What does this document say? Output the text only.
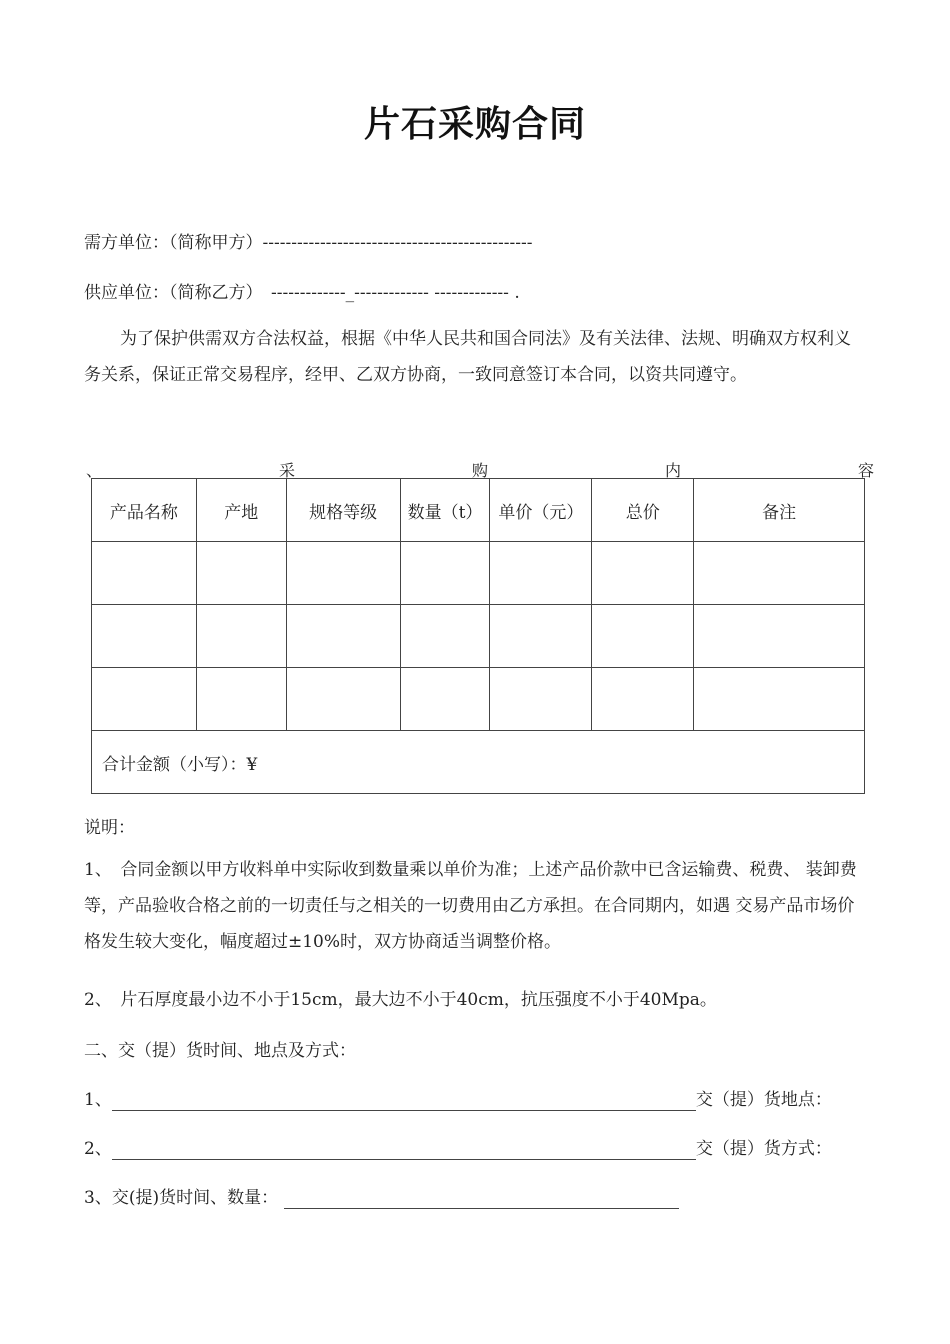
片石采购合同
需方单位：（简称甲方）-----------------------------------------------
供应单位：（简称乙方）　-------------_------------- ------------- .
为了保护供需双方合法权益，根据《中华人民共和国合同法》及有关法律、法规、明确双方权利义务关系，保证正常交易程序，经甲、乙双方协商，一致同意签订本合同，以资共同遵守。
、	采	购	内	容
产品名称	产地	规格等级	数量（t）	单价（元）	总价	备注

合计金额（小写）：¥						
说明：
1、　合同金额以甲方收料单中实际收到数量乘以单价为准；上述产品价款中已含运输费、税费、 装卸费等，产品验收合格之前的一切责任与之相关的一切费用由乙方承担。在合同期内，如遇 交易产品市场价格发生较大变化，幅度超过±10%时，双方协商适当调整价格。
2、　片石厚度最小边不小于15cm，最大边不小于40cm，抗压强度不小于40Mpa。
二、交（提）货时间、地点及方式：
1、	交（提）货地点：
2、	交（提）货方式：
3、交(提)货时间、数量：
